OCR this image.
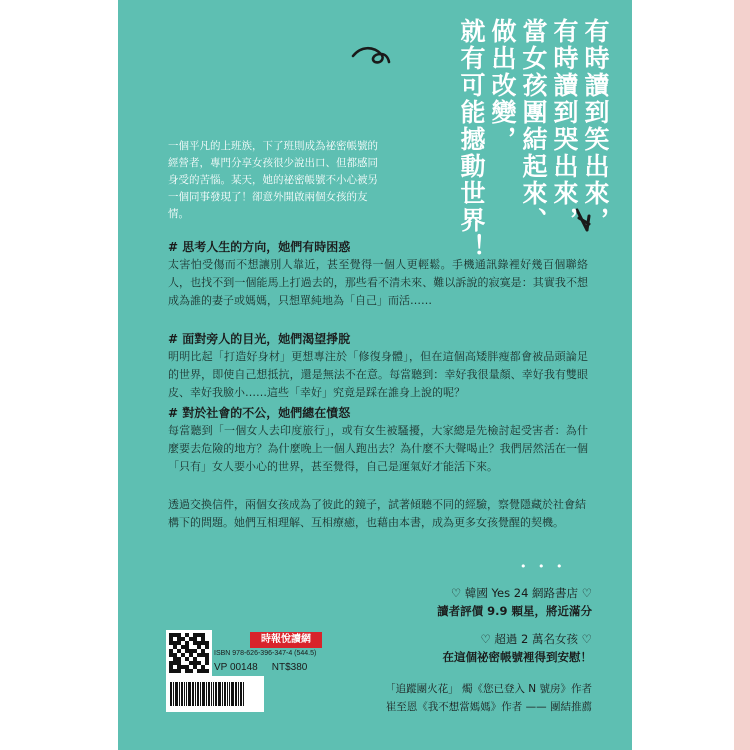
有時讀到笑出來，
有時讀到哭出來，
當女孩團結起來、
做出改變，
就有可能撼動世界！
一個平凡的上班族，下了班則成為祕密帳號的經營者，專門分享女孩很少說出口、但都感同身受的苦惱。某天，她的祕密帳號不小心被另一個同事發現了！卻意外開啟兩個女孩的友情。
# 思考人生的方向，她們有時困惑
太害怕受傷而不想讓別人靠近，甚至覺得一個人更輕鬆。手機通訊錄裡好幾百個聯絡人，也找不到一個能馬上打過去的，那些看不清未來、難以訴說的寂寞是：其實我不想成為誰的妻子或媽媽，只想單純地為「自己」而活……
# 面對旁人的目光，她們渴望掙脫
明明比起「打造好身材」更想專注於「修復身體」，但在這個高矮胖瘦都會被品頭論足的世界，即使自己想抵抗，還是無法不在意。每當聽到：幸好我很量顏、幸好我有雙眼皮、幸好我臉小……這些「幸好」究竟是踩在誰身上說的呢？
# 對於社會的不公，她們總在憤怒
每當聽到「一個女人去印度旅行」，或有女生被騷擾，大家總是先檢討起受害者：為什麼要去危險的地方？為什麼晚上一個人跑出去？為什麼不大聲喝止？我們居然活在一個「只有」女人要小心的世界，甚至覺得，自己是運氣好才能活下來。
透過交換信件，兩個女孩成為了彼此的鏡子，試著傾聽不同的經驗，察覺隱藏於社會結構下的問題。她們互相理解、互相療癒，也藉由本書，成為更多女孩覺醒的契機。
• • •
♡ 韓國 Yes 24 網路書店 ♡
讀者評價 9.9 顆星，將近滿分
♡ 超過 2 萬名女孩 ♡
在這個祕密帳號裡得到安慰！
「追蹤團火花」 燭《您已登入 N 號房》作者
崔至恩《我不想當媽媽》作者 —— 團結推薦
時報悅讀網
ISBN 978-626-396-347-4 (544.5)
VP 00148 NT$380
